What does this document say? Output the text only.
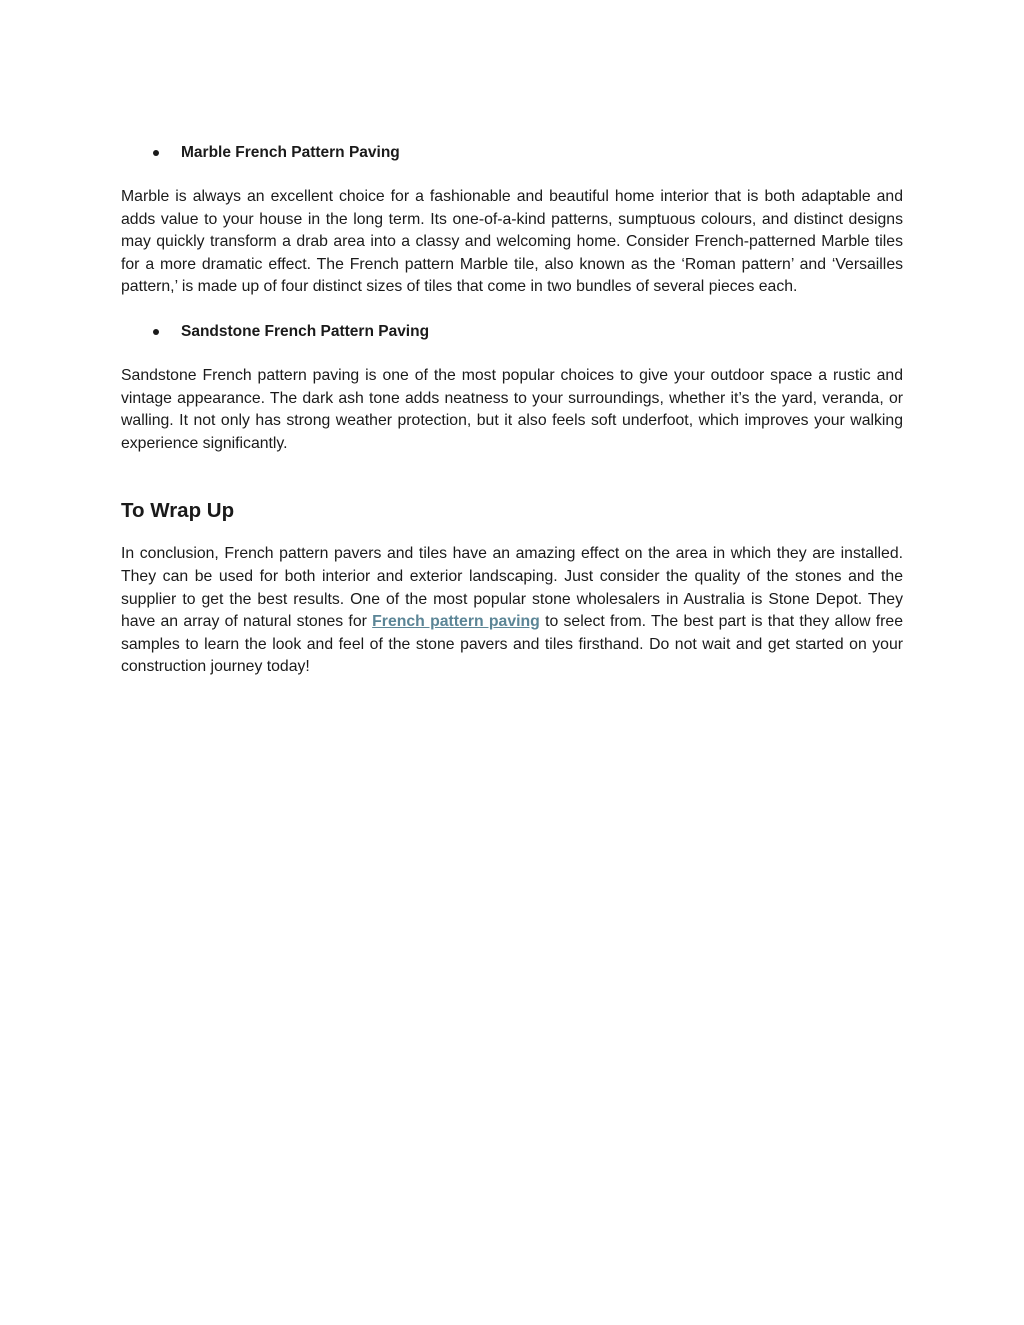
Marble French Pattern Paving

Marble is always an excellent choice for a fashionable and beautiful home interior that is both adaptable and adds value to your house in the long term. Its one-of-a-kind patterns, sumptuous colours, and distinct designs may quickly transform a drab area into a classy and welcoming home. Consider French-patterned Marble tiles for a more dramatic effect. The French pattern Marble tile, also known as the ‘Roman pattern’ and ‘Versailles pattern,’ is made up of four distinct sizes of tiles that come in two bundles of several pieces each.

Sandstone French Pattern Paving

Sandstone French pattern paving is one of the most popular choices to give your outdoor space a rustic and vintage appearance. The dark ash tone adds neatness to your surroundings, whether it’s the yard, veranda, or walling. It not only has strong weather protection, but it also feels soft underfoot, which improves your walking experience significantly.

To Wrap Up

In conclusion, French pattern pavers and tiles have an amazing effect on the area in which they are installed. They can be used for both interior and exterior landscaping. Just consider the quality of the stones and the supplier to get the best results. One of the most popular stone wholesalers in Australia is Stone Depot. They have an array of natural stones for French pattern paving to select from. The best part is that they allow free samples to learn the look and feel of the stone pavers and tiles firsthand. Do not wait and get started on your construction journey today!
